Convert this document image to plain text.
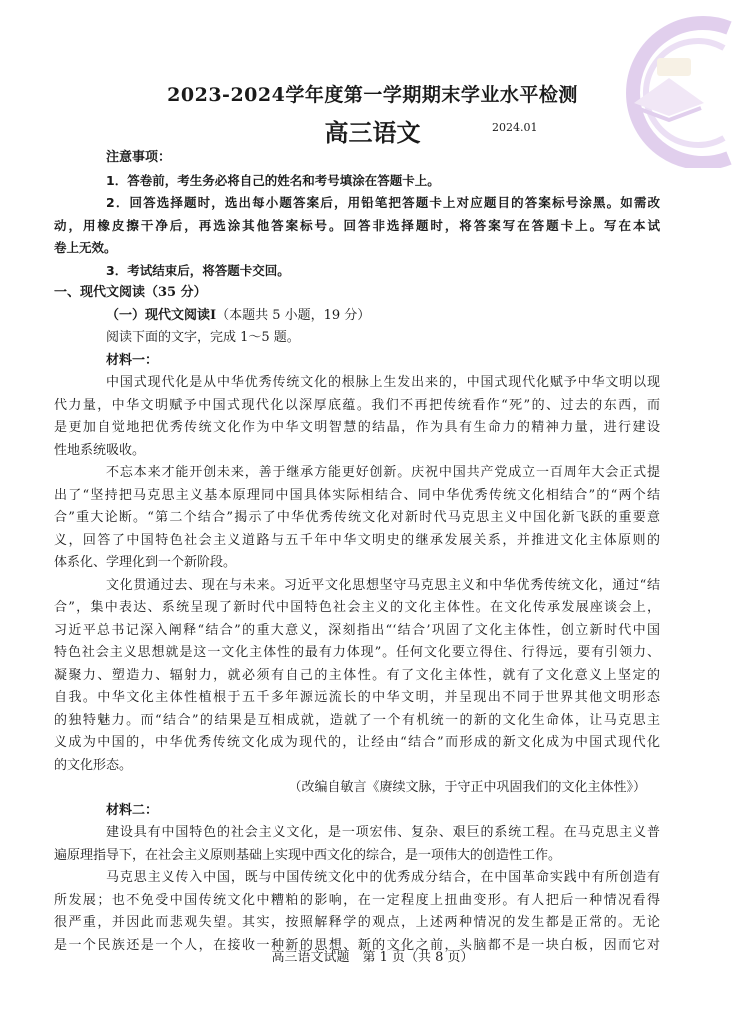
2023-2024学年度第一学期期末学业水平检测
高三语文	2024.01
注意事项：
1．答卷前，考生务必将自己的姓名和考号填涂在答题卡上。
2．回答选择题时，选出每小题答案后，用铅笔把答题卡上对应题目的答案标号涂黑。如需改
动，用橡皮擦干净后，再选涂其他答案标号。回答非选择题时，将答案写在答题卡上。写在本试
卷上无效。
3．考试结束后，将答题卡交回。
一、现代文阅读（35 分）
（一）现代文阅读Ⅰ（本题共 5 小题，19 分）
阅读下面的文字，完成 1～5 题。
材料一：
中国式现代化是从中华优秀传统文化的根脉上生发出来的，中国式现代化赋予中华文明以现
代力量，中华文明赋予中国式现代化以深厚底蕴。我们不再把传统看作“死”的、过去的东西，而
是更加自觉地把优秀传统文化作为中华文明智慧的结晶，作为具有生命力的精神力量，进行建设
性地系统吸收。
不忘本来才能开创未来，善于继承方能更好创新。庆祝中国共产党成立一百周年大会正式提
出了“坚持把马克思主义基本原理同中国具体实际相结合、同中华优秀传统文化相结合”的“两个结
合”重大论断。“第二个结合”揭示了中华优秀传统文化对新时代马克思主义中国化新飞跃的重要意
义，回答了中国特色社会主义道路与五千年中华文明史的继承发展关系，并推进文化主体原则的
体系化、学理化到一个新阶段。
文化贯通过去、现在与未来。习近平文化思想坚守马克思主义和中华优秀传统文化，通过“结
合”，集中表达、系统呈现了新时代中国特色社会主义的文化主体性。在文化传承发展座谈会上，
习近平总书记深入阐释“结合”的重大意义，深刻指出“‘结合’巩固了文化主体性，创立新时代中国
特色社会主义思想就是这一文化主体性的最有力体现”。任何文化要立得住、行得远，要有引领力、
凝聚力、塑造力、辐射力，就必须有自己的主体性。有了文化主体性，就有了文化意义上坚定的
自我。中华文化主体性植根于五千多年源远流长的中华文明，并呈现出不同于世界其他文明形态
的独特魅力。而“结合”的结果是互相成就，造就了一个有机统一的新的文化生命体，让马克思主
义成为中国的，中华优秀传统文化成为现代的，让经由“结合”而形成的新文化成为中国式现代化
的文化形态。
（改编自敏言《赓续文脉，于守正中巩固我们的文化主体性》）
材料二：
建设具有中国特色的社会主义文化，是一项宏伟、复杂、艰巨的系统工程。在马克思主义普
遍原理指导下，在社会主义原则基础上实现中西文化的综合，是一项伟大的创造性工作。
马克思主义传入中国，既与中国传统文化中的优秀成分结合，在中国革命实践中有所创造有
所发展；也不免受中国传统文化中糟粕的影响，在一定程度上扭曲变形。有人把后一种情况看得
很严重，并因此而悲观失望。其实，按照解释学的观点，上述两种情况的发生都是正常的。无论
是一个民族还是一个人，在接收一种新的思想、新的文化之前，头脑都不是一块白板，因而它对
高三语文试题　第 1 页（共 8 页）
